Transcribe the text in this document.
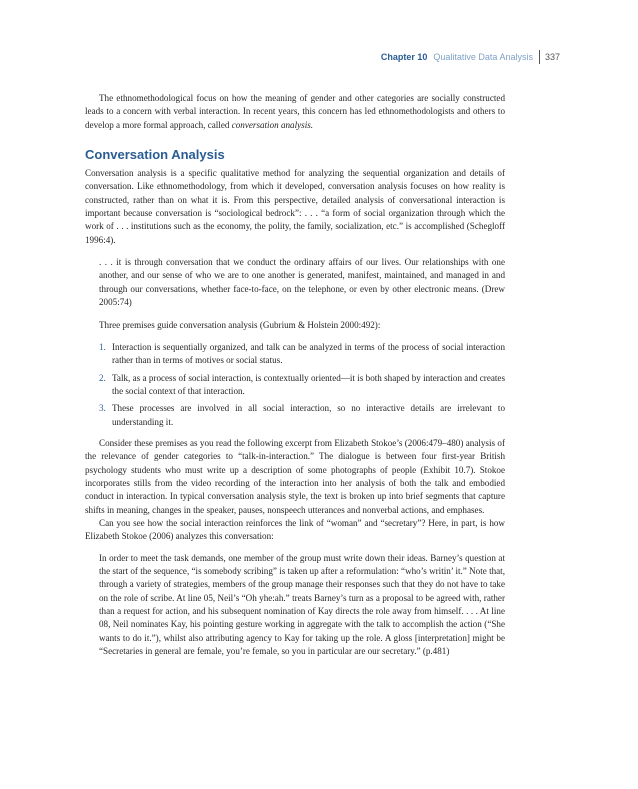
Chapter 10 Qualitative Data Analysis	337

The ethnomethodological focus on how the meaning of gender and other categories are socially constructed leads to a concern with verbal interaction. In recent years, this concern has led ethnomethodologists and others to develop a more formal approach, called conversation analysis.

Conversation Analysis

Conversation analysis is a specific qualitative method for analyzing the sequential organization and details of conversation. Like ethnomethodology, from which it developed, conversation analysis focuses on how reality is constructed, rather than on what it is. From this perspective, detailed analysis of conversational interaction is important because conversation is “sociological bedrock”: . . . “a form of social organization through which the work of . . . institutions such as the economy, the polity, the family, socialization, etc.” is accomplished (Schegloff 1996:4).

. . . it is through conversation that we conduct the ordinary affairs of our lives. Our relationships with one another, and our sense of who we are to one another is generated, manifest, maintained, and managed in and through our conversations, whether face-to-face, on the telephone, or even by other electronic means. (Drew 2005:74)

Three premises guide conversation analysis (Gubrium & Holstein 2000:492):

1. Interaction is sequentially organized, and talk can be analyzed in terms of the process of social interaction rather than in terms of motives or social status.
2. Talk, as a process of social interaction, is contextually oriented—it is both shaped by interaction and creates the social context of that interaction.
3. These processes are involved in all social interaction, so no interactive details are irrelevant to understanding it.

Consider these premises as you read the following excerpt from Elizabeth Stokoe’s (2006:479–480) analysis of the relevance of gender categories to “talk-in-interaction.” The dialogue is between four first-year British psychology students who must write up a description of some photographs of people (Exhibit 10.7). Stokoe incorporates stills from the video recording of the interaction into her analysis of both the talk and embodied conduct in interaction. In typical conversation analysis style, the text is broken up into brief segments that capture shifts in meaning, changes in the speaker, pauses, nonspeech utterances and nonverbal actions, and emphases.

Can you see how the social interaction reinforces the link of “woman” and “secretary”? Here, in part, is how Elizabeth Stokoe (2006) analyzes this conversation:

In order to meet the task demands, one member of the group must write down their ideas. Barney’s question at the start of the sequence, “is somebody scribing” is taken up after a reformulation: “who’s writin’ it.” Note that, through a variety of strategies, members of the group manage their responses such that they do not have to take on the role of scribe. At line 05, Neil’s “Oh yhe:ah.” treats Barney’s turn as a proposal to be agreed with, rather than a request for action, and his subsequent nomination of Kay directs the role away from himself. . . . At line 08, Neil nominates Kay, his pointing gesture working in aggregate with the talk to accomplish the action (“She wants to do it.”), whilst also attributing agency to Kay for taking up the role. A gloss [interpretation] might be “Secretaries in general are female, you’re female, so you in particular are our secretary.” (p.481)
